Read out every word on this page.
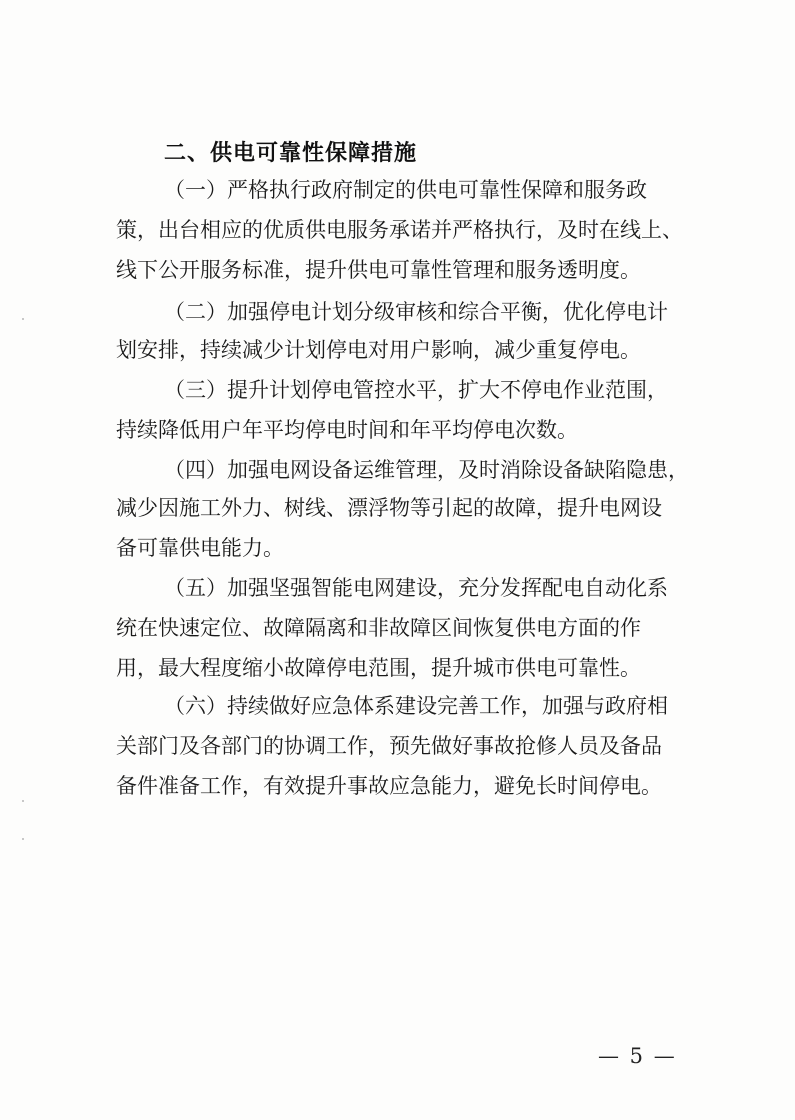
二、供电可靠性保障措施
（一）严格执行政府制定的供电可靠性保障和服务政
策，出台相应的优质供电服务承诺并严格执行，及时在线上、
线下公开服务标准，提升供电可靠性管理和服务透明度。
（二）加强停电计划分级审核和综合平衡，优化停电计
划安排，持续减少计划停电对用户影响，减少重复停电。
（三）提升计划停电管控水平，扩大不停电作业范围，
持续降低用户年平均停电时间和年平均停电次数。
（四）加强电网设备运维管理，及时消除设备缺陷隐患，
减少因施工外力、树线、漂浮物等引起的故障，提升电网设
备可靠供电能力。
（五）加强坚强智能电网建设，充分发挥配电自动化系
统在快速定位、故障隔离和非故障区间恢复供电方面的作
用，最大程度缩小故障停电范围，提升城市供电可靠性。
（六）持续做好应急体系建设完善工作，加强与政府相
关部门及各部门的协调工作，预先做好事故抢修人员及备品
备件准备工作，有效提升事故应急能力，避免长时间停电。
— 5 —
